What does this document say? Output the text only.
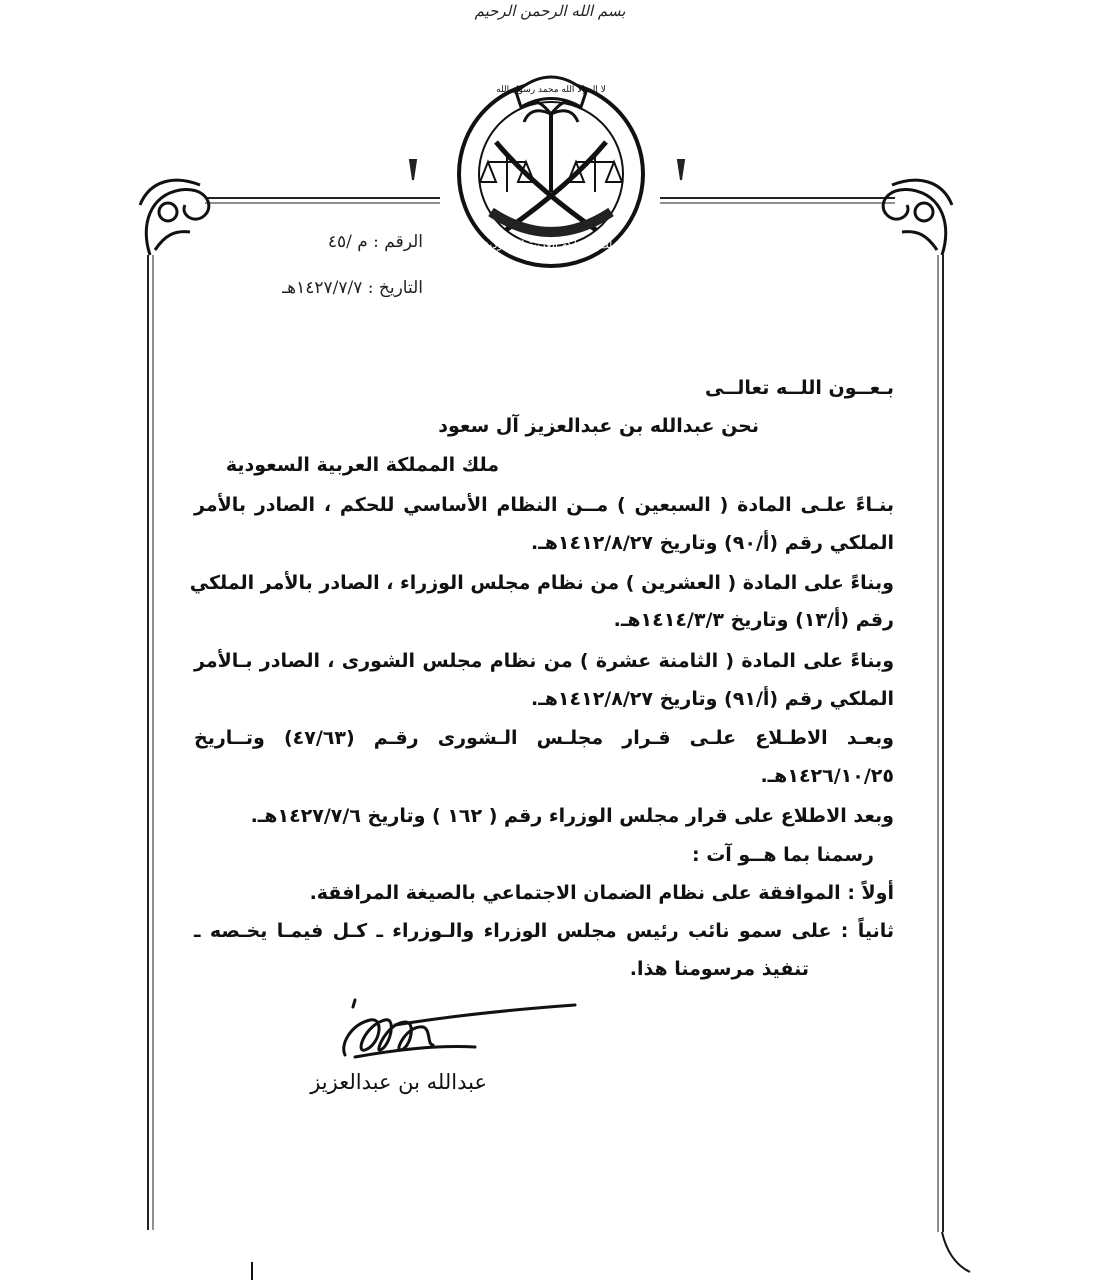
بسم الله الرحمن الرحيم
ملك المملكة العربية السعودية
لا إله إلا الله محمد رسول الله
الرقم : م /٤٥
التاريخ : ١٤٢٧/٧/٧هـ
بـعــون اللــه تعالــى
نحن عبدالله بن عبدالعزيز آل سعود
ملك المملكة العربية السعودية
بنـاءً علـى المادة ( السبعين ) مــن النظام الأساسي للحكم ، الصادر بالأمر
الملكي رقم (أ/٩٠) وتاريخ ١٤١٢/٨/٢٧هـ.
وبناءً على المادة ( العشرين ) من نظام مجلس الوزراء ، الصادر بالأمر الملكي
رقم (أ/١٣) وتاريخ ١٤١٤/٣/٣هـ.
وبناءً على المادة ( الثامنة عشرة ) من نظام مجلس الشورى ، الصادر بـالأمر
الملكي رقم (أ/٩١) وتاريخ ١٤١٢/٨/٢٧هـ.
وبعـد الاطـلاع علـى قـرار مجلـس الـشورى رقـم (٤٧/٦٣) وتــاريخ
١٤٢٦/١٠/٢٥هـ.
وبعد الاطلاع على قرار مجلس الوزراء رقم ( ١٦٢ ) وتاريخ ١٤٢٧/٧/٦هـ.
رسمنا بما هــو آت :
أولاً : الموافقة على نظام الضمان الاجتماعي بالصيغة المرافقة.
ثانياً : على سمو نائب رئيس مجلس الوزراء والـوزراء ـ كـل فيمـا يخـصه ـ
تنفيذ مرسومنا هذا.
عبدالله بن عبدالعزيز
